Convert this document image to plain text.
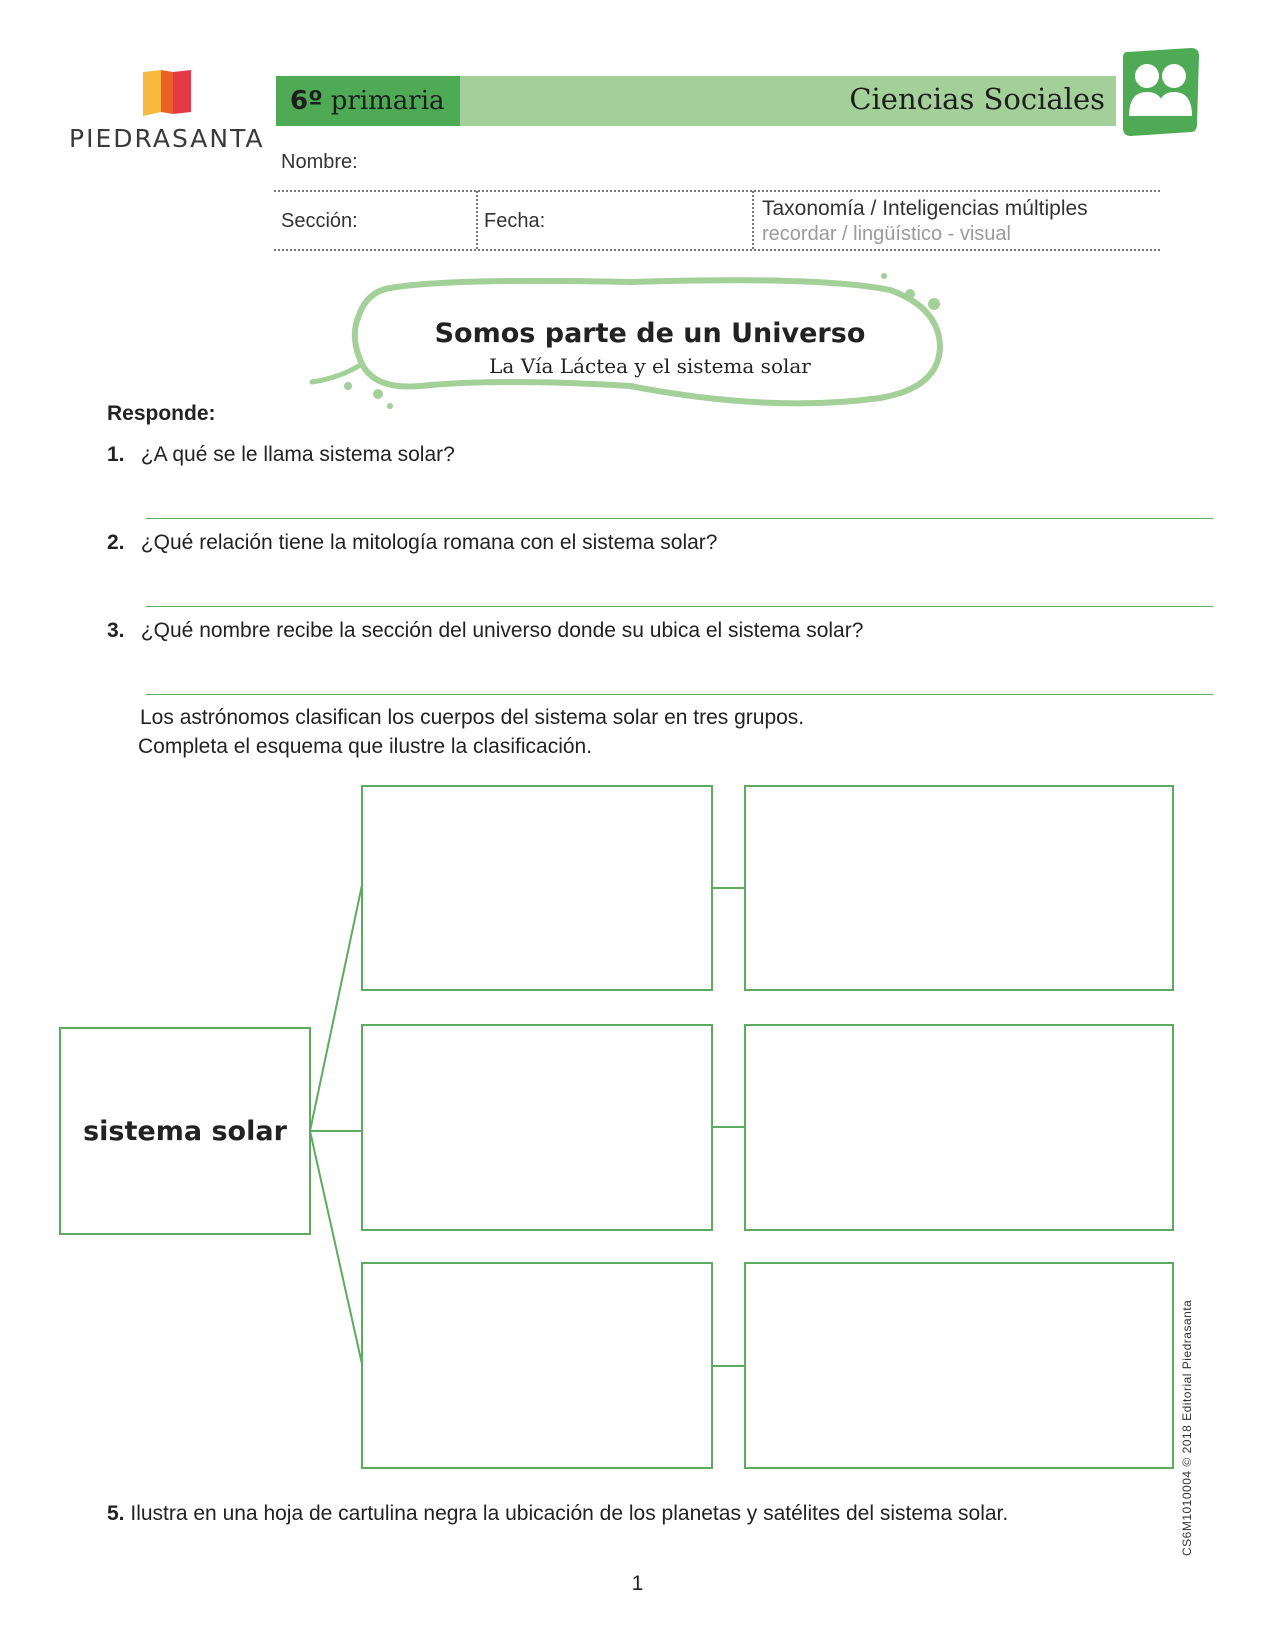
PIEDRASANTA
6º primaria	Ciencias Sociales
Nombre:
Sección:	Fecha:
Taxonomía / Inteligencias múltiples
recordar / lingüístico - visual
Somos parte de un Universo
La Vía Láctea y el sistema solar
Responde:
1. ¿A qué se le llama sistema solar?
2. ¿Qué relación tiene la mitología romana con el sistema solar?
3. ¿Qué nombre recibe la sección del universo donde su ubica el sistema solar?
Los astrónomos clasifican los cuerpos del sistema solar en tres grupos.
Completa el esquema que ilustre la clasificación.
sistema solar
5. Ilustra en una hoja de cartulina negra la ubicación de los planetas y satélites del sistema solar.
1
CS6M1010004 © 2018 Editorial Piedrasanta
